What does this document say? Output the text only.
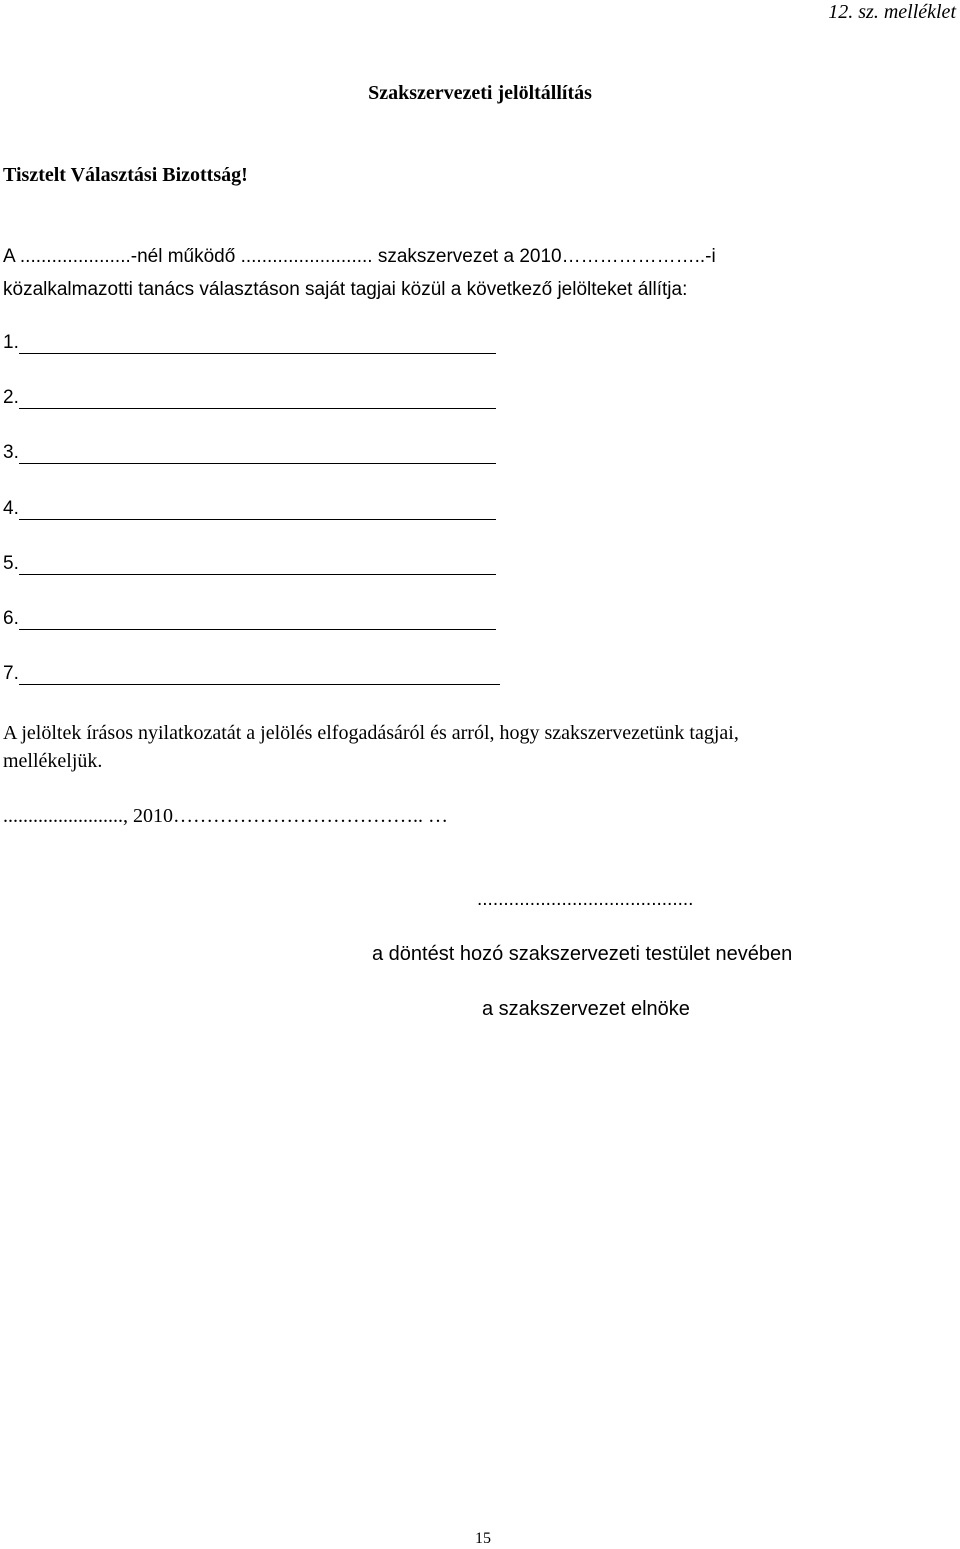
12. sz. melléklet
Szakszervezeti jelöltállítás
Tisztelt Választási Bizottság!
A .....................-nél működő ......................... szakszervezet a 2010…………………..-i
közalkalmazotti tanács választáson saját tagjai közül a következő jelölteket állítja:
1.
2.
3.
4.
5.
6.
7.
A jelöltek írásos nyilatkozatát a jelölés elfogadásáról és arról, hogy szakszervezetünk tagjai,
mellékeljük.
........................, 2010……………………………….. …
.........................................
a döntést hozó szakszervezeti testület nevében
a szakszervezet elnöke
15
